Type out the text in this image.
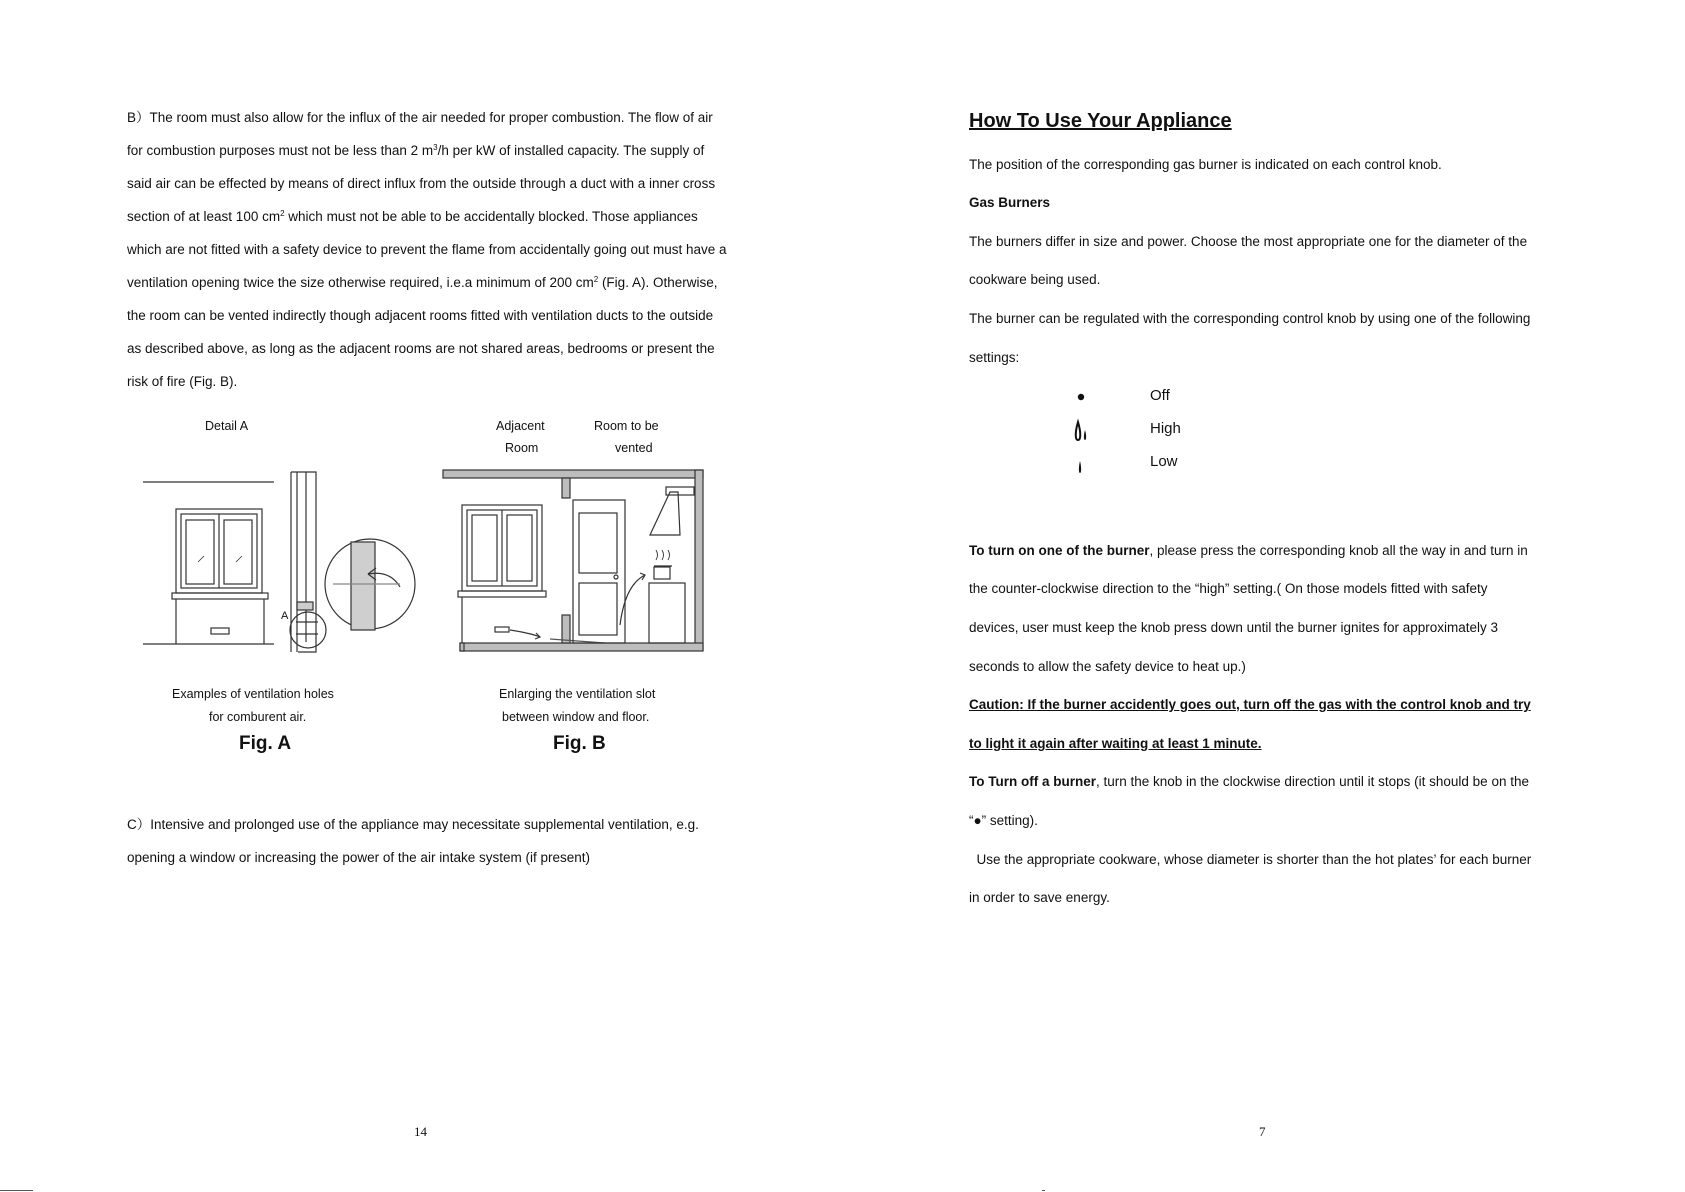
B）The room must also allow for the influx of the air needed for proper combustion. The flow of air for combustion purposes must not be less than 2 $m^3/h$ per kW of installed capacity. The supply of said air can be effected by means of direct influx from the outside through a duct with a inner cross section of at least 100 $cm^2$ which must not be able to be accidentally blocked. Those appliances which are not fitted with a safety device to prevent the flame from accidentally going out must have a ventilation opening twice the size otherwise required, i.e.a minimum of 200 $cm^2$ (Fig. A). Otherwise, the room can be vented indirectly though adjacent rooms fitted with ventilation ducts to the outside as described above, as long as the adjacent rooms are not shared areas, bedrooms or present the risk of fire (Fig. B).

Detail A	Adjacent
Room
Room to be
vented
A
Examples of ventilation holes
for comburent air.
Fig. A
Enlarging the ventilation slot
between window and floor.
Fig. B

C）Intensive and prolonged use of the appliance may necessitate supplemental ventilation, e.g. opening a window or increasing the power of the air intake system (if present)

14
How To Use Your Appliance
The position of the corresponding gas burner is indicated on each control knob.
Gas Burners
The burners differ in size and power. Choose the most appropriate one for the diameter of the
cookware being used.
The burner can be regulated with the corresponding control knob by using one of the following
settings:
Off
High
Low
To turn on one of the burner, please press the corresponding knob all the way in and turn in
the counter-clockwise direction to the “high” setting.( On those models fitted with safety
devices, user must keep the knob press down until the burner ignites for approximately 3
seconds to allow the safety device to heat up.)
Caution: If the burner accidently goes out, turn off the gas with the control knob and try
to light it again after waiting at least 1 minute.
To Turn off a burner, turn the knob in the clockwise direction until it stops (it should be on the
“●” setting).
Use the appropriate cookware, whose diameter is shorter than the hot plates’ for each burner
in order to save energy.
7
